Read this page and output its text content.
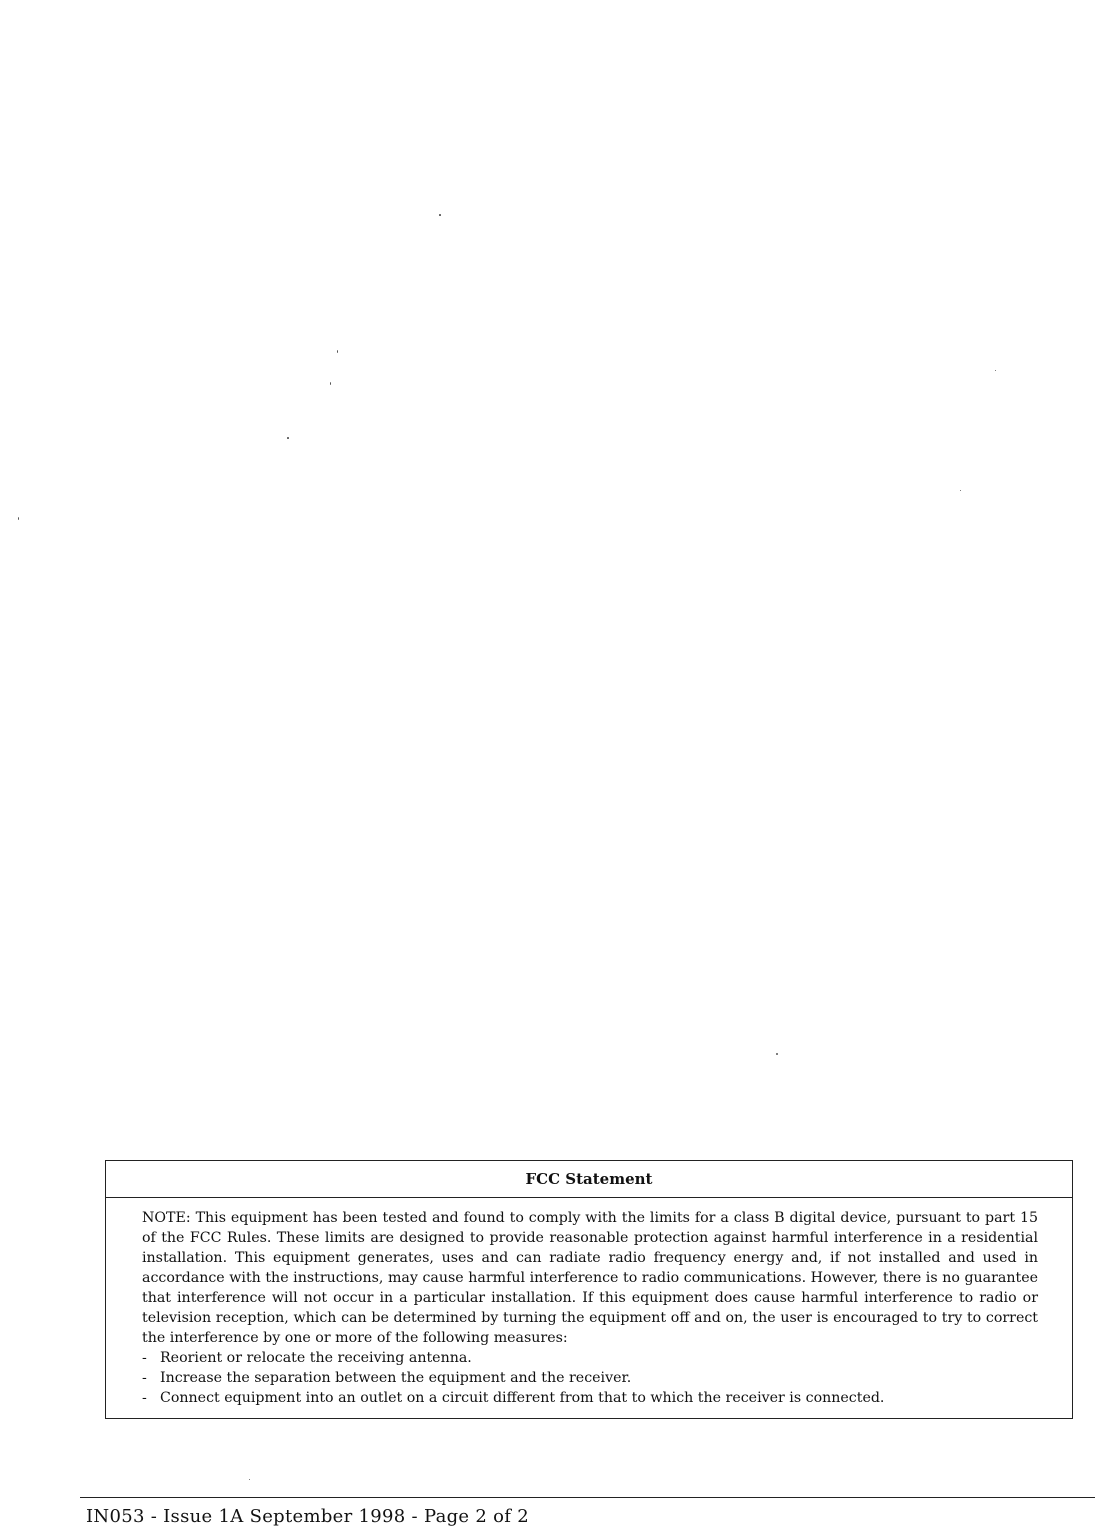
FCC Statement

NOTE: This equipment has been tested and found to comply with the limits for a class B digital device, pursuant to part 15 of the FCC Rules. These limits are designed to provide reasonable protection against harmful interference in a residential installation. This equipment generates, uses and can radiate radio frequency energy and, if not installed and used in accordance with the instructions, may cause harmful interference to radio communications. However, there is no guarantee that interference will not occur in a particular installation. If this equipment does cause harmful interference to radio or television reception, which can be determined by turning the equipment off and on, the user is encouraged to try to correct the interference by one or more of the following measures:

- Reorient or relocate the receiving antenna.
- Increase the separation between the equipment and the receiver.
- Connect equipment into an outlet on a circuit different from that to which the receiver is connected.
IN053 - Issue 1A September 1998 - Page 2 of 2
